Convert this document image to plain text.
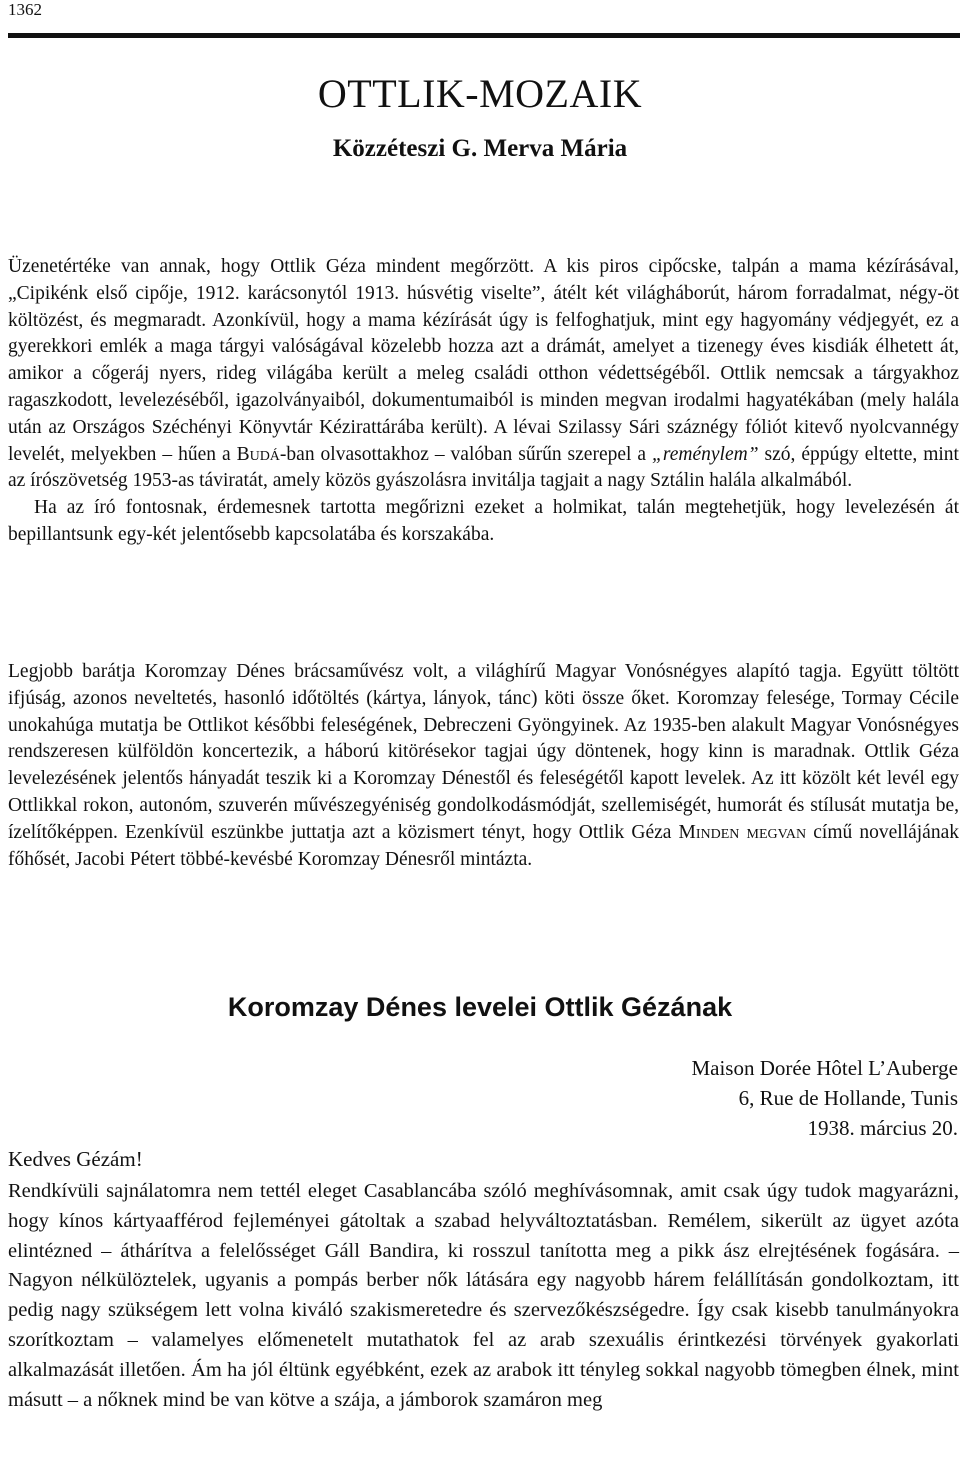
1362
OTTLIK-MOZAIK
Közzéteszi G. Merva Mária

Üzenetértéke van annak, hogy Ottlik Géza mindent megőrzött. A kis piros cipőcske, talpán a mama kézírásával, „Cipikénk első cipője, 1912. karácsonytól 1913. húsvétig viselte”, átélt két világháborút, három forradalmat, négy-öt költözést, és megmaradt. Azonkívül, hogy a mama kézírását úgy is felfoghatjuk, mint egy hagyomány védjegyét, ez a gyerekkori emlék a maga tárgyi valóságával közelebb hozza azt a drámát, amelyet a tizenegy éves kisdiák élhetett át, amikor a cőgeráj nyers, rideg világába került a meleg családi otthon védettségéből. Ottlik nemcsak a tárgyakhoz ragaszkodott, levelezéséből, igazolványaiból, dokumentumaiból is minden megvan irodalmi hagyatékában (mely halála után az Országos Széchényi Könyvtár Kézirattárába került). A lévai Szilassy Sári száznégy fóliót kitevő nyolcvannégy levelét, melyekben – hűen a Budá-ban olvasottakhoz – valóban sűrűn szerepel a „reménylem” szó, éppúgy eltette, mint az írószövetség 1953-as táviratát, amely közös gyászolásra invitálja tagjait a nagy Sztálin halála alkalmából.

Ha az író fontosnak, érdemesnek tartotta megőrizni ezeket a holmikat, talán megtehetjük, hogy levelezésén át bepillantsunk egy-két jelentősebb kapcsolatába és korszakába.

Legjobb barátja Koromzay Dénes brácsaművész volt, a világhírű Magyar Vonósnégyes alapító tagja. Együtt töltött ifjúság, azonos neveltetés, hasonló időtöltés (kártya, lányok, tánc) köti össze őket. Koromzay felesége, Tormay Cécile unokahúga mutatja be Ottlikot későbbi feleségének, Debreczeni Gyöngyinek. Az 1935-ben alakult Magyar Vonósnégyes rendszeresen külföldön koncertezik, a háború kitörésekor tagjai úgy döntenek, hogy kinn is maradnak. Ottlik Géza levelezésének jelentős hányadát teszik ki a Koromzay Dénestől és feleségétől kapott levelek. Az itt közölt két levél egy Ottlikkal rokon, autonóm, szuverén művészegyéniség gondolkodásmódját, szellemiségét, humorát és stílusát mutatja be, ízelítőképpen. Ezenkívül eszünkbe juttatja azt a közismert tényt, hogy Ottlik Géza Minden megvan című novellájának főhősét, Jacobi Pétert többé-kevésbé Koromzay Dénesről mintázta.

Koromzay Dénes levelei Ottlik Gézának
Maison Dorée Hôtel L’Auberge
6, Rue de Hollande, Tunis
1938. március 20.
Kedves Gézám!

Rendkívüli sajnálatomra nem tettél eleget Casablancába szóló meghívásomnak, amit csak úgy tudok magyarázni, hogy kínos kártyaafférod fejleményei gátoltak a szabad helyváltoztatásban. Remélem, sikerült az ügyet azóta elintézned – áthárítva a felelősséget Gáll Bandira, ki rosszul tanította meg a pikk ász elrejtésének fogására. – Nagyon nélkülöztelek, ugyanis a pompás berber nők látására egy nagyobb hárem felállításán gondolkoztam, itt pedig nagy szükségem lett volna kiváló szakismeretedre és szervezőkészségedre. Így csak kisebb tanulmányokra szorítkoztam – valamelyes előmenetelt mutathatok fel az arab szexuális érintkezési törvények gyakorlati alkalmazását illetően. Ám ha jól éltünk egyébként, ezek az arabok itt tényleg sokkal nagyobb tömegben élnek, mint másutt – a nőknek mind be van kötve a szája, a jámborok szamáron meg
